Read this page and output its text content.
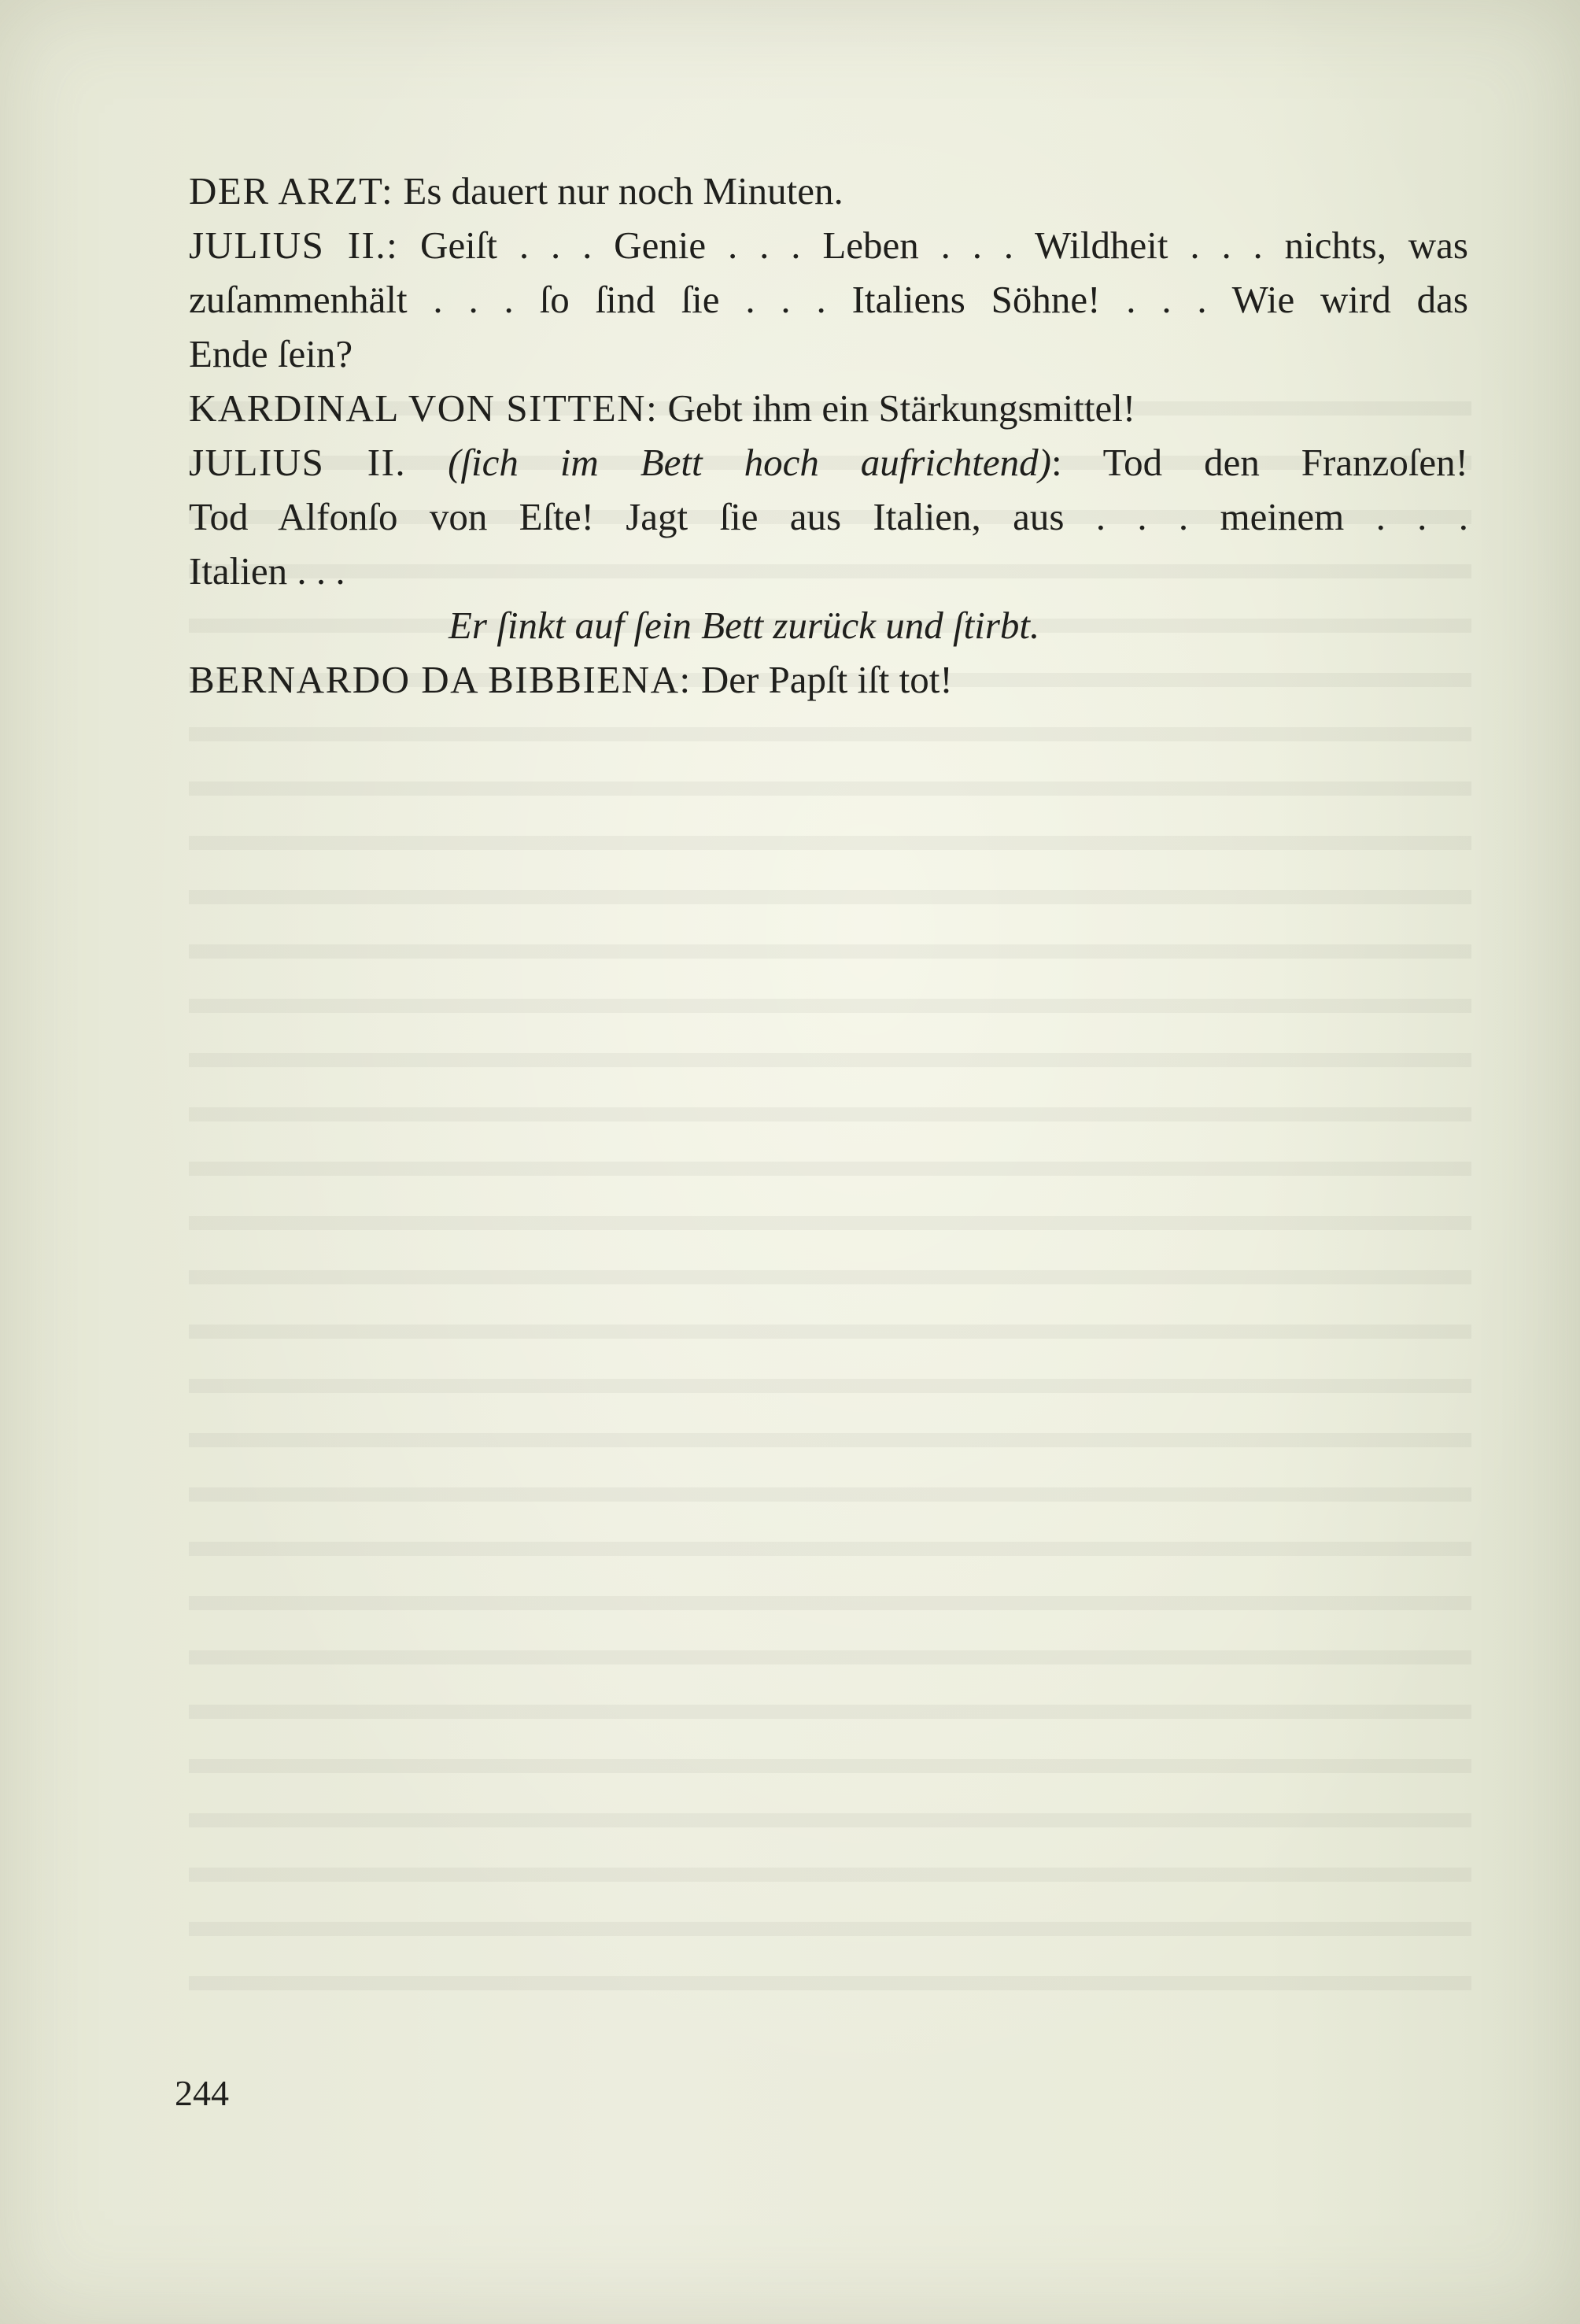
DER ARZT: Es dauert nur noch Minuten.
JULIUS II.: Geiſt . . . Genie . . . Leben . . . Wildheit . . . nichts, was
zuſammenhält . . . ſo ſind ſie . . . Italiens Söhne! . . . Wie wird das
Ende ſein?
KARDINAL VON SITTEN: Gebt ihm ein Stärkungsmittel!
JULIUS II. (ſich im Bett hoch aufrichtend): Tod den Franzoſen!
Tod Alfonſo von Eſte! Jagt ſie aus Italien, aus . . . meinem . . .
Italien . . .
Er ſinkt auf ſein Bett zurück und ſtirbt.
BERNARDO DA BIBBIENA: Der Papſt iſt tot!
244
